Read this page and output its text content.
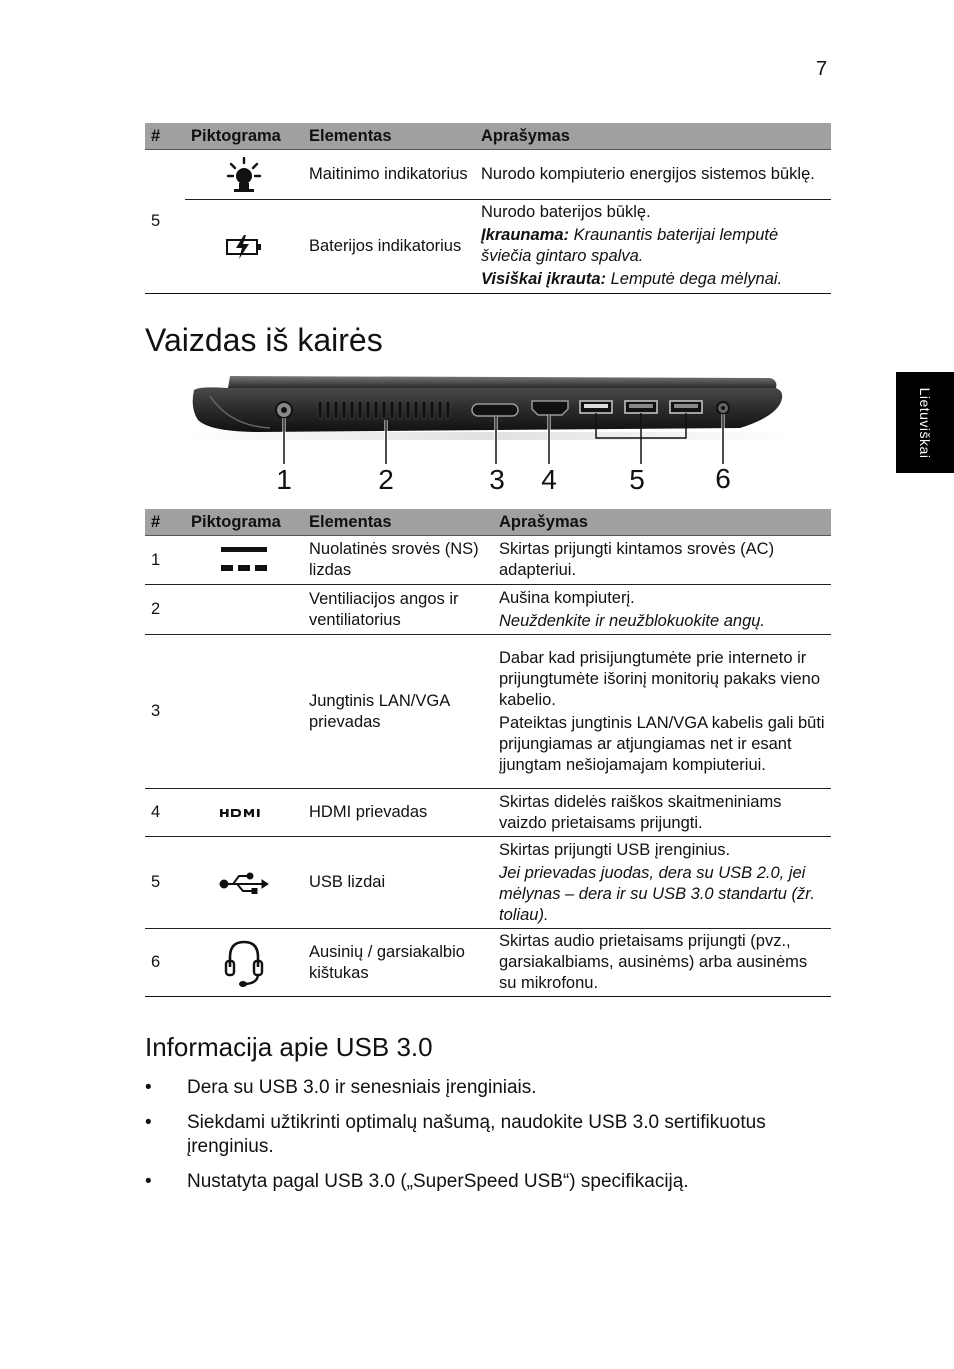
7
Lietuviškai
#	Piktograma	Elementas	Aprašymas
5		Maitinimo indikatorius	Nurodo kompiuterio energijos sistemos būklę.

	Baterijos indikatorius	Nurodo baterijos būklę.
Įkraunama: Kraunantis baterijai lemputė šviečia gintaro spalva.
Visiškai įkrauta: Lemputė dega mėlynai.
Vaizdas iš kairės
1	2	3 4	5	6
#	Piktograma	Elementas	Aprašymas
1		Nuolatinės srovės (NS) lizdas	Skirtas prijungti kintamos srovės (AC) adapteriui.
2		Ventiliacijos angos ir ventiliatorius	Aušina kompiuterį.
Neuždenkite ir neužblokuokite angų.

3		Jungtinis LAN/VGA prievadas	Dabar kad prisijungtumėte prie interneto ir prijungtumėte išorinį monitorių pakaks vieno kabelio.
Pateiktas jungtinis LAN/VGA kabelis gali būti prijungiamas ar atjungiamas net ir esant įjungtam nešiojamajam kompiuteriui.

4		HDMI prievadas	Skirtas didelės raiškos skaitmeniniams vaizdo prietaisams prijungti.
5		USB lizdai	Skirtas prijungti USB įrenginius.
Jei prievadas juodas, dera su USB 2.0, jei mėlynas – dera ir su USB 3.0 standartu (žr. toliau).

6		Ausinių / garsiakalbio kištukas	Skirtas audio prietaisams prijungti (pvz., garsiakalbiams, ausinėms) arba ausinėms su mikrofonu.
Informacija apie USB 3.0
• Dera su USB 3.0 ir senesniais įrenginiais.
• Siekdami užtikrinti optimalų našumą, naudokite USB 3.0 sertifikuotus įrenginius.
• Nustatyta pagal USB 3.0 („SuperSpeed USB“) specifikaciją.
